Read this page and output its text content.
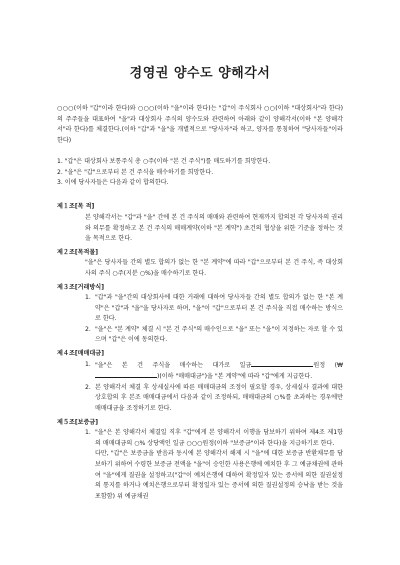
경영권 양수도 양해각서

○○○(이하 "갑"이라 한다)와 ○○○(이하 "을"이라 한다)는 "갑"이 주식회사 ○○(이하 "대상회사"라 한다)의 주주들을 대표하여 "을"과 대상회사 주식의 양수도와 관련하여 아래와 같이 양해각서(이하 "본 양해각서"라 한다)를 체결한다.(이하 "갑"과 "을"을 개별적으로 "당사자"라 하고, 양자를 통칭하여 "당사자들"이라 한다)

1. "갑"은 대상회사 보통주식 총 ○주(이하 "본 건 주식")를 매도하기를 희망한다.
2. "을"은 "갑"으로부터 본 건 주식을 매수하기를 희망한다.
3. 이에 당사자들은 다음과 같이 합의한다.
제１조[목 적]

본 양해각서는 "갑"과 "을" 간에 본 건 주식의 매매와 관련하여 현재까지 합의된 각 당사자의 권리와 의무를 확정하고 본 건 주식의 매매계약(이하 "본 계약") 초건의 협상을 위한 기준을 정하는 것을 목적으로 한다.

제２조[목적물]

"을"은 당사자들 간의 별도 합의가 없는 한 "본 계약"에 따라 "갑"으로부터 본 건 주식, 즉 대상회사의 주식 ○주(지분 ○%)을 매수하기로 한다.

제３조[거래방식]
1. "갑"과 "을"간의 대상회사에 대한 거래에 대하여 당사자들 간의 별도 합의가 없는 한 "본 계약"은 "갑"과 "을"을 당사자로 하며, "을"이 "갑"으로부터 본 건 주식을 직접 매수하는 방식으로 한다.

2. "을"은 "본 계약" 체결 시 "본 건 주식"의 매수인으로 "을" 또는 "을"이 지정하는 자로 할 수 있으며 "갑"은 이에 동의한다.

제４조[매매대금]
1. "을"은 본 건 주식을 매수하는 대가로 일금	원정 (₩)(이하 "매매대금")을 "본 계약"에 따라 "갑"에게 지급한다.

2. 본 양해각서 체결 후 상세실사에 따른 매매대금의 조정이 필요할 경우, 상세실사 결과에 대한 상호합의 후 본조 매매대금에서 다음과 같이 조정하되, 매매대금의 ○%를 초과하는 경우에만 매매대금을 조정하기로 한다.

제５조[보증금]
1. "을"은 본 양해각서 체결일 직후 "갑"에게 본 양해각서 이행을 담보하기 위하여 제4조 제1항의 매매대금의 ○% 상당액인 일금 ○○○원정(이하 "보증금"이라 한다)을 지급하기로 한다.

다만, "갑"은 보증금을 받음과 동시에 본 양해각서 해제 시 "을"에 대한 보증금 반환채무를 담보하기 위하여 수령한 보증금 전액을 "을"이 승인한 사용은행에 예치한 후 그 예금채권에 관하여 "을"에게 질권을 설정하고("갑"이 예치은행에 대하여 확정일자 있는 증서에 의한 질권설정의 통지를 하거나 예치은행으로부터 확정일자 있는 증서에 의한 질권설정의 승낙을 받는 것을 포함함) 위 예금채권
